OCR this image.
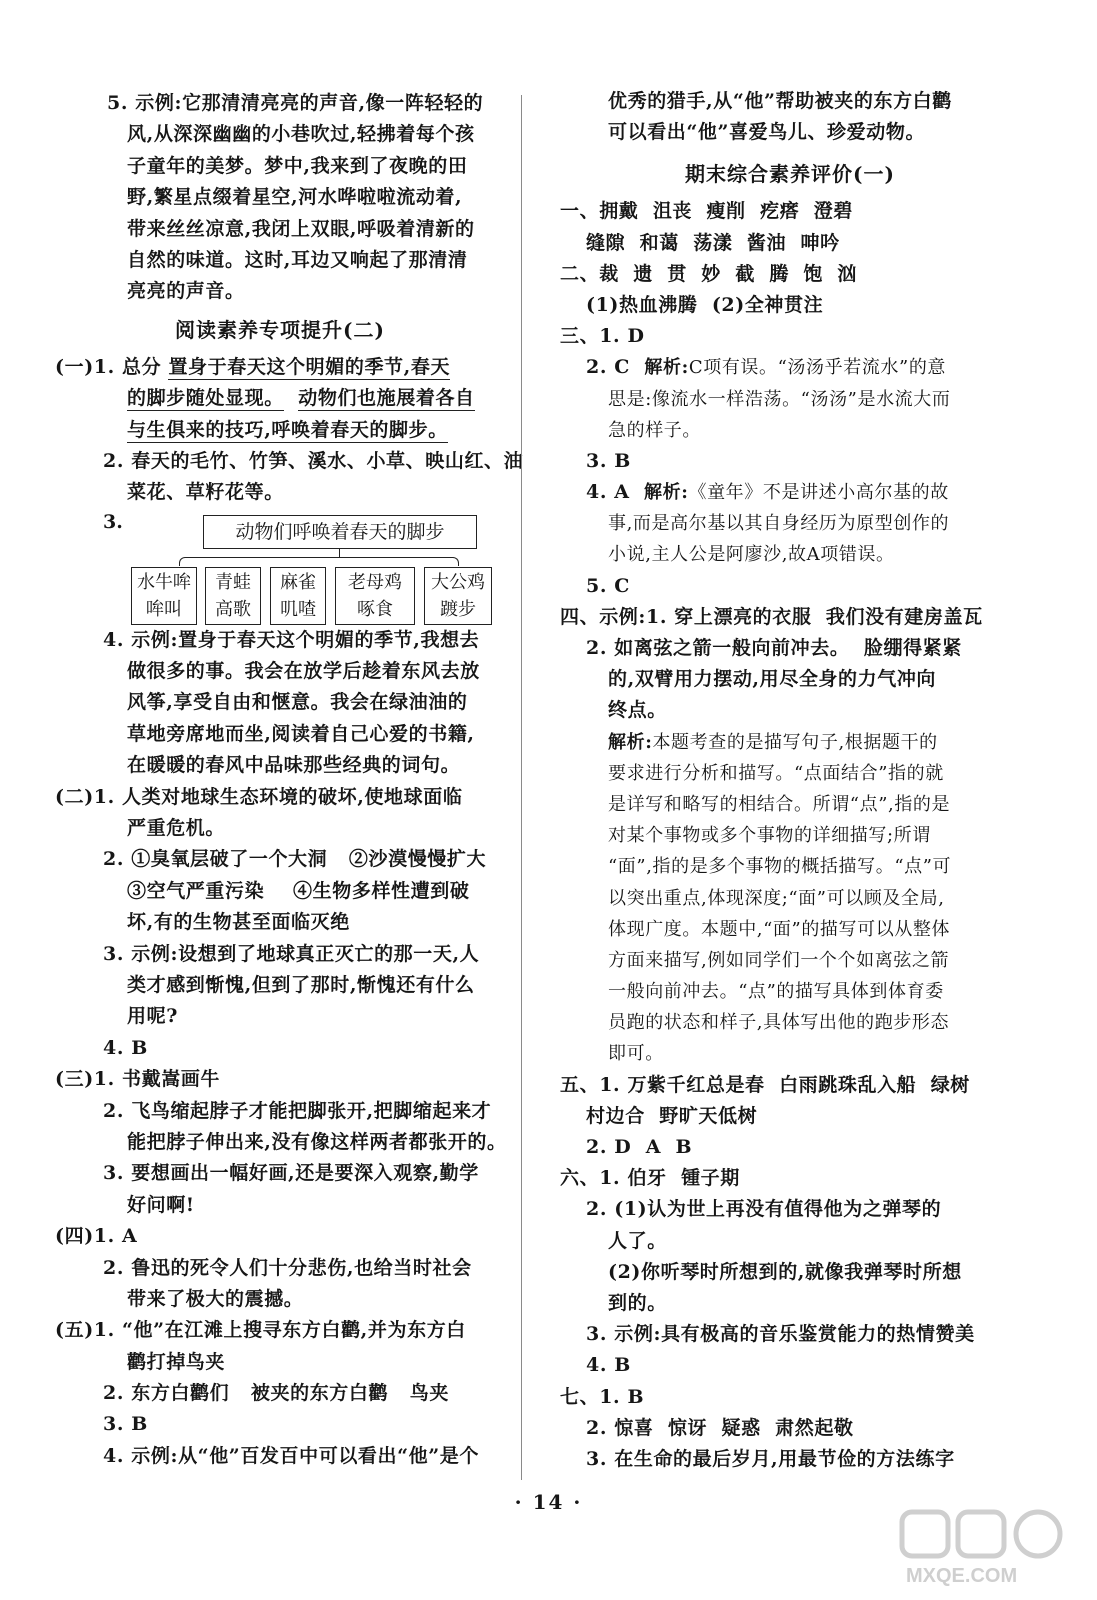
5. 示例:它那清清亮亮的声音,像一阵轻轻的
风,从深深幽幽的小巷吹过,轻拂着每个孩
子童年的美梦。梦中,我来到了夜晚的田
野,繁星点缀着星空,河水哗啦啦流动着,
带来丝丝凉意,我闭上双眼,呼吸着清新的
自然的味道。这时,耳边又响起了那清清
亮亮的声音。
阅读素养专项提升(二)
(一)1. 总分 置身于春天这个明媚的季节,春天
的脚步随处显现。 动物们也施展着各自
与生俱来的技巧,呼唤着春天的脚步。
2. 春天的毛竹、竹笋、溪水、小草、映山红、油
菜花、草籽花等。
3.	动物们呼唤着春天的脚步
水牛哞
哞叫
青蛙
高歌
麻雀
叽喳
老母鸡
啄食
大公鸡
踱步
4. 示例:置身于春天这个明媚的季节,我想去
做很多的事。我会在放学后趁着东风去放
风筝,享受自由和惬意。我会在绿油油的
草地旁席地而坐,阅读着自己心爱的书籍,
在暖暖的春风中品味那些经典的词句。
(二)1. 人类对地球生态环境的破坏,使地球面临
严重危机。
2. ①臭氧层破了一个大洞   ②沙漠慢慢扩大
③空气严重污染    ④生物多样性遭到破
坏,有的生物甚至面临灭绝
3. 示例:设想到了地球真正灭亡的那一天,人
类才感到惭愧,但到了那时,惭愧还有什么
用呢?
4. B
(三)1. 书戴嵩画牛
2. 飞鸟缩起脖子才能把脚张开,把脚缩起来才
能把脖子伸出来,没有像这样两者都张开的。
3. 要想画出一幅好画,还是要深入观察,勤学
好问啊!
(四)1. A
2. 鲁迅的死令人们十分悲伤,也给当时社会
带来了极大的震撼。
(五)1. “他”在江滩上搜寻东方白鹳,并为东方白
鹳打掉鸟夹
2. 东方白鹳们   被夹的东方白鹳   鸟夹
3. B
4. 示例:从“他”百发百中可以看出“他”是个
优秀的猎手,从“他”帮助被夹的东方白鹳
可以看出“他”喜爱鸟儿、珍爱动物。
期末综合素养评价(一)
一、拥戴  沮丧  瘦削  疙瘩  澄碧
缝隙  和蔼  荡漾  酱油  呻吟
二、裁  遗  贯  妙  截  腾  饱  汹
(1)热血沸腾  (2)全神贯注
三、1. D
2. C  解析:C项有误。“汤汤乎若流水”的意
思是:像流水一样浩荡。“汤汤”是水流大而
急的样子。
3. B
4. A  解析:《童年》不是讲述小高尔基的故
事,而是高尔基以其自身经历为原型创作的
小说,主人公是阿廖沙,故A项错误。
5. C
四、示例:1. 穿上漂亮的衣服  我们没有建房盖瓦
2. 如离弦之箭一般向前冲去。  脸绷得紧紧
的,双臂用力摆动,用尽全身的力气冲向
终点。
解析:本题考查的是描写句子,根据题干的
要求进行分析和描写。“点面结合”指的就
是详写和略写的相结合。所谓“点”,指的是
对某个事物或多个事物的详细描写;所谓
“面”,指的是多个事物的概括描写。“点”可
以突出重点,体现深度;“面”可以顾及全局,
体现广度。本题中,“面”的描写可以从整体
方面来描写,例如同学们一个个如离弦之箭
一般向前冲去。“点”的描写具体到体育委
员跑的状态和样子,具体写出他的跑步形态
即可。
五、1. 万紫千红总是春  白雨跳珠乱入船  绿树
村边合  野旷天低树
2. D  A  B
六、1. 伯牙  锺子期
2. (1)认为世上再没有值得他为之弹琴的
人了。
(2)你听琴时所想到的,就像我弹琴时所想
到的。
3. 示例:具有极高的音乐鉴赏能力的热情赞美
4. B
七、1. B
2. 惊喜  惊讶  疑惑  肃然起敬
3. 在生命的最后岁月,用最节俭的方法练字
· 14 ·
MXQE.COM
